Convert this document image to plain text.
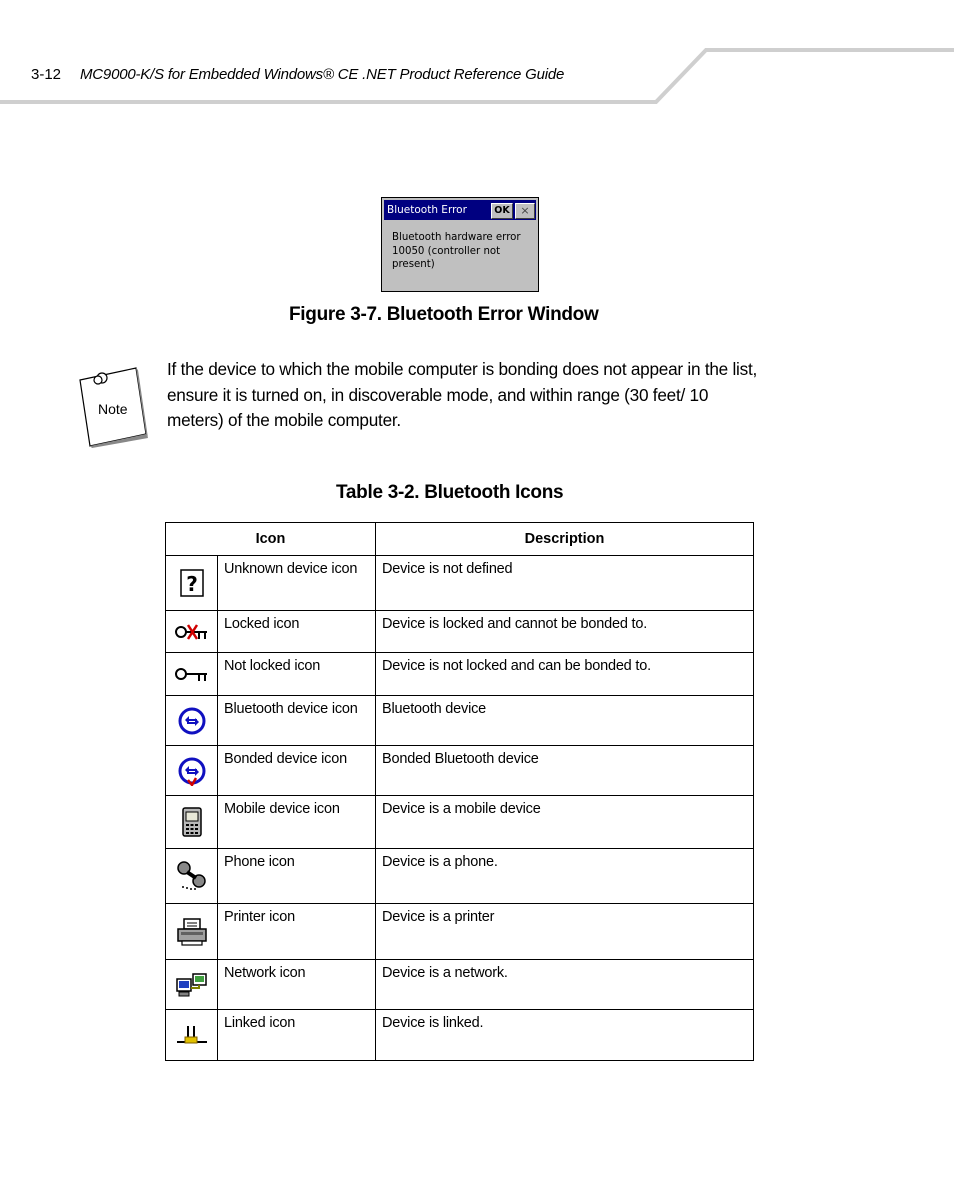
3-12 MC9000-K/S for Embedded Windows® CE .NET Product Reference Guide
Bluetooth Error	OK ×
Bluetooth hardware error
10050 (controller not
present)
Figure 3-7. Bluetooth Error Window
Note
If the device to which the mobile computer is bonding does not appear in the list, ensure it is turned on, in discoverable mode, and within range (30 feet/ 10 meters) of the mobile computer.
Table 3-2. Bluetooth Icons
Icon		Description

?	Unknown device icon	Device is not defined

	Locked icon	Device is locked and cannot be bonded to.

	Not locked icon	Device is not locked and can be bonded to.

	Bluetooth device icon	Bluetooth device

	Bonded device icon	Bonded Bluetooth device

	Mobile device icon	Device is a mobile device

	Phone icon	Device is a phone.

	Printer icon	Device is a printer

	Network icon	Device is a network.

	Linked icon	Device is linked.
